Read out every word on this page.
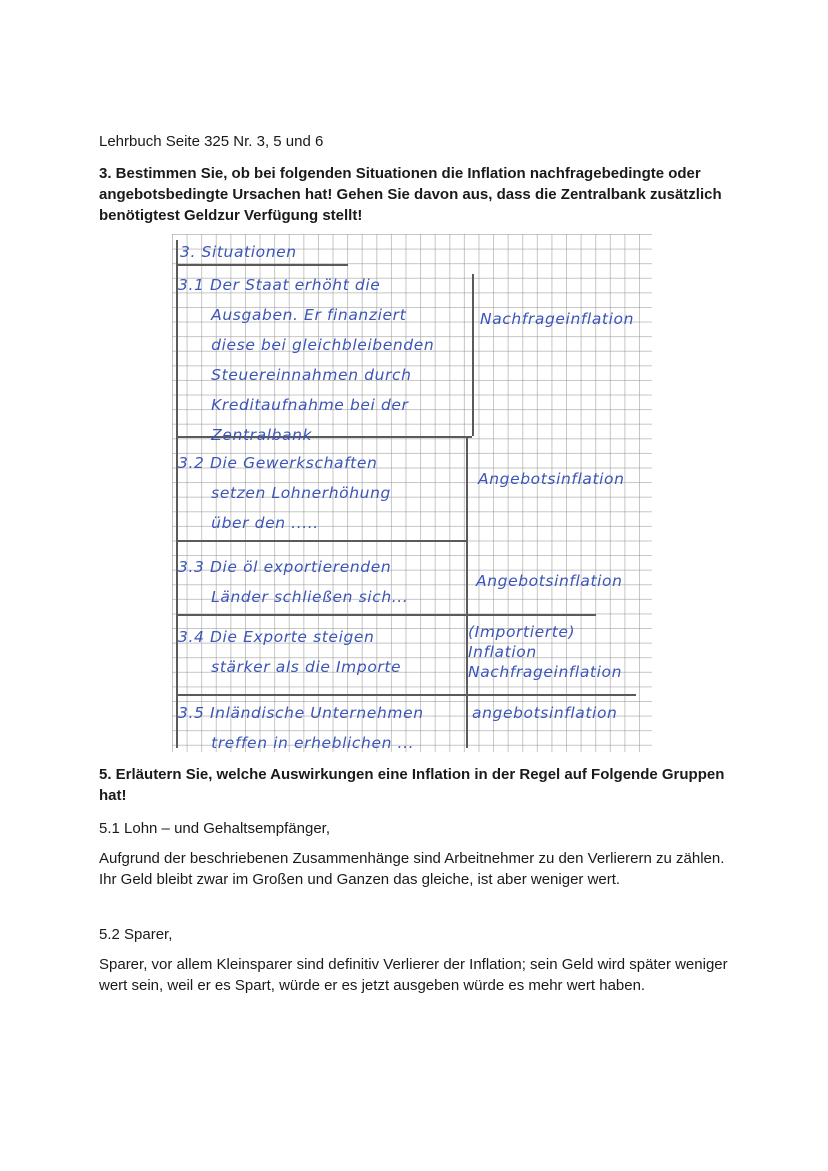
Lehrbuch Seite 325 Nr. 3, 5 und 6

3. Bestimmen Sie, ob bei folgenden Situationen die Inflation nachfragebedingte oder angebotsbedingte Ursachen hat! Gehen Sie davon aus, dass die Zentralbank zusätzlich benötigtest Geldzur Verfügung stellt!

3. Situationen

3.1 Der Staat erhöht die
Ausgaben. Er finanziert
diese bei gleichbleibenden
Steuereinnahmen durch
Kreditaufnahme bei der
Zentralbank

Nachfrageinflation

3.2 Die Gewerkschaften
setzen Lohnerhöhung
über den .....

Angebotsinflation

3.3 Die öl exportierenden
Länder schließen sich...

Angebotsinflation

3.4 Die Exporte steigen
stärker als die Importe

(Importierte)
Inflation
Nachfrageinflation

3.5 Inländische Unternehmen
treffen in erheblichen ...

angebotsinflation

5. Erläutern Sie, welche Auswirkungen eine Inflation in der Regel auf Folgende Gruppen hat!

5.1 Lohn – und Gehaltsempfänger,

Aufgrund der beschriebenen Zusammenhänge sind Arbeitnehmer zu den Verlierern zu zählen. Ihr Geld bleibt zwar im Großen und Ganzen das gleiche, ist aber weniger wert.

5.2 Sparer,

Sparer, vor allem Kleinsparer sind definitiv Verlierer der Inflation; sein Geld wird später weniger wert sein, weil er es Spart, würde er es jetzt ausgeben würde es mehr wert haben.
